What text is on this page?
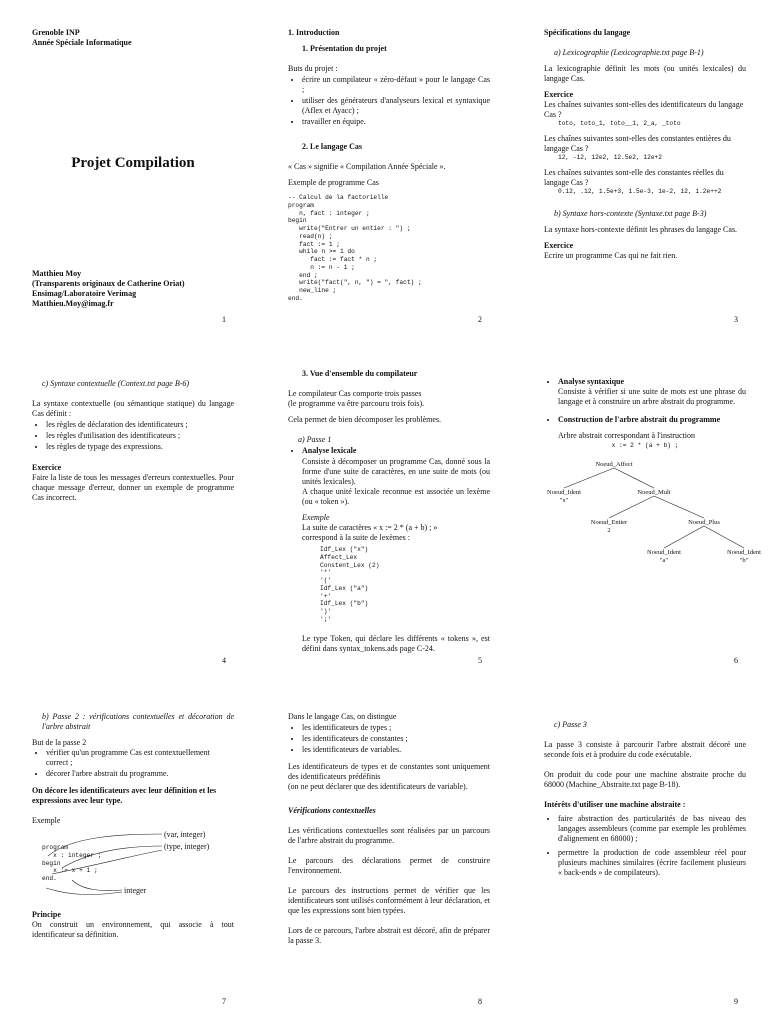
Grenoble INP
Année Spéciale Informatique
Projet Compilation
Matthieu Moy
(Transparents originaux de Catherine Oriat)
Ensimag/Laboratoire Verimag
Matthieu.Moy@imag.fr
1
1. Introduction
1. Présentation du projet

Buts du projet :

• écrire un compilateur « zéro-défaut » pour le langage Cas ;
• utiliser des générateurs d'analyseurs lexical et syntaxique (Aflex et Ayacc) ;
• travailler en équipe.
2. Le langage Cas

« Cas » signifie « Compilation Année Spéciale ».

Exemple de programme Cas

-- Calcul de la factorielle
program
n, fact : integer ;
begin
write("Entrer un entier : ") ;
read(n) ;
fact := 1 ;
while n >= 1 do
fact := fact * n ;
n := n - 1 ;
end ;
write("fact(", n, ") = ", fact) ;
new_line ;
end.
2
Spécifications du langage
a) Lexicographie (Lexicographie.txt page B-1)

La lexicographie définit les mots (ou unités lexicales) du langage Cas.

Exercice

Les chaînes suivantes sont-elles des identificateurs du langage Cas ?

toto, toto_1, toto__1, 2_a, _toto

Les chaînes suivantes sont-elles des constantes entières du langage Cas ?

12, -12, 12e2, 12.5e2, 12e+2

Les chaînes suivantes sont-elle des constantes réelles du langage Cas ?

0.12, .12, 1.5e+3, 1.5e-3, 1e-2, 12, 1.2e++2
b) Syntaxe hors-contexte (Syntaxe.txt page B-3)

La syntaxe hors-contexte définit les phrases du langage Cas.

Exercice

Ecrire un programme Cas qui ne fait rien.

3
c) Syntaxe contextuelle (Context.txt page B-6)

La syntaxe contextuelle (ou sémantique statique) du langage Cas définit :

• les règles de déclaration des identificateurs ;
• les règles d'utilisation des identificateurs ;
• les règles de typage des expressions.
Exercice

Faire la liste de tous les messages d'erreurs contextuelles. Pour chaque message d'erreur, donner un exemple de programme Cas incorrect.

4
3. Vue d'ensemble du compilateur

Le compilateur Cas comporte trois passes

(le programme va être parcouru trois fois).

Cela permet de bien décomposer les problèmes.

a) Passe 1
• Analyse lexicale

Consiste à décomposer un programme Cas, donné sous la forme d'une suite de caractères, en une suite de mots (ou unités lexicales).

A chaque unité lexicale reconnue est associée un lexème (ou « token »).

Exemple

La suite de caractères « x := 2 * (a + b) ; »

correspond à la suite de lexèmes :

Idf_Lex ("x")
Affect_Lex
Constent_Lex (2)
'*'
'('
Idf_Lex ("a")
'+'
Idf_Lex ("b")
')'
';'

Le type Token, qui déclare les différents « tokens », est défini dans syntax_tokens.ads page C-24.

5
• Analyse syntaxique
Consiste à vérifier si une suite de mots est une phrase du langage et à construire un arbre abstrait du programme.
• Construction de l'arbre abstrait du programme
Arbre abstrait correspondant à l'instruction
x := 2 * (a + b) ;
Noeud_Affect
Noeud_Ident
"x"
Noeud_Mult
Noeud_Entier
2
Noeud_Plus
Noeud_Ident
"a"
Noeud_Ident
"b"
6
b) Passe 2 : vérifications contextuelles et décoration de l'arbre abstrait

But de la passe 2

• vérifier qu'un programme Cas est contextuellement correct ;
• décorer l'arbre abstrait du programme.

On décore les identificateurs avec leur définition et les expressions avec leur type.

Exemple

program
x : integer ;
begin
x := x + 1 ;
end.
(var, integer)
(type, integer)
integer
Principe

On construit un environnement, qui associe à tout identificateur sa définition.

7

Dans le langage Cas, on distingue

• les identificateurs de types ;
• les identificateurs de constantes ;
• les identificateurs de variables.

Les identificateurs de types et de constantes sont uniquement des identificateurs prédéfinis

(on ne peut déclarer que des identificateurs de variable).

Vérifications contextuelles

Les vérifications contextuelles sont réalisées par un parcours de l'arbre abstrait du programme.

Le parcours des déclarations permet de construire l'environnement.

Le parcours des instructions permet de vérifier que les identificateurs sont utilisés conformément à leur déclaration, et que les expressions sont bien typées.

Lors de ce parcours, l'arbre abstrait est décoré, afin de préparer la passe 3.

8
c) Passe 3

La passe 3 consiste à parcourir l'arbre abstrait décoré une seconde fois et à produire du code exécutable.

On produit du code pour une machine abstraite proche du 68000 (Machine_Abstraite.txt page B-18).

Intérêts d'utiliser une machine abstraite :
• faire abstraction des particularités de bas niveau des langages assembleurs (comme par exemple les problèmes d'alignement en 68000) ;
• permettre la production de code assembleur réel pour plusieurs machines similaires (écrire facilement plusieurs « back-ends » de compilateurs).
9
